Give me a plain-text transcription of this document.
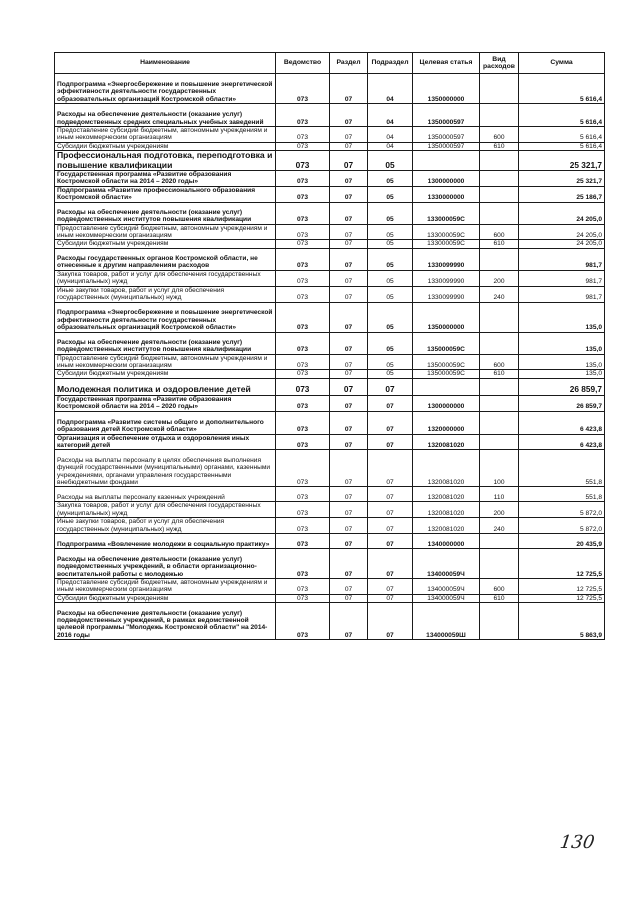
Наименование	Ведомство	Раздел	Подраздел	Целевая статья	Вид расходов	Сумма
Подпрограмма «Энергосбережение и повышение энергетической эффективности деятельности государственных образовательных организаций Костромской области»	073	07	04	1350000000		5 616,4
Расходы на обеспечение деятельности (оказание услуг) подведомственных средних специальных учебных заведений	073	07	04	1350000597		5 616,4
Предоставление субсидий бюджетным, автономным учреждениям и иным некоммерческим организациям	073	07	04	1350000597	600	5 616,4
Субсидии бюджетным учреждениям	073	07	04	1350000597	610	5 616,4
Профессиональная подготовка, переподготовка и повышение квалификации	073	07	05			25 321,7
Государственная программа «Развитие образования Костромской области на 2014 – 2020 годы»	073	07	05	1300000000		25 321,7
Подпрограмма «Развитие профессионального образования Костромской области»	073	07	05	1330000000		25 186,7
Расходы на обеспечение деятельности (оказание услуг) подведомственных институтов повышения квалификации	073	07	05	133000059C		24 205,0
Предоставление субсидий бюджетным, автономным учреждениям и иным некоммерческим организациям	073	07	05	133000059C	600	24 205,0
Субсидии бюджетным учреждениям	073	07	05	133000059C	610	24 205,0
Расходы государственных органов Костромской области, не отнесенные к другим направлениям расходов	073	07	05	1330099990		981,7
Закупка товаров, работ и услуг для обеспечения государственных (муниципальных) нужд	073	07	05	1330099990	200	981,7
Иные закупки товаров, работ и услуг для обеспечения государственных (муниципальных) нужд	073	07	05	1330099990	240	981,7
Подпрограмма «Энергосбережение и повышение энергетической эффективности деятельности государственных образовательных организаций Костромской области»	073	07	05	1350000000		135,0
Расходы на обеспечение деятельности (оказание услуг) подведомственных институтов повышения квалификации	073	07	05	135000059C		135,0
Предоставление субсидий бюджетным, автономным учреждениям и иным некоммерческим организациям	073	07	05	135000059C	600	135,0
Субсидии бюджетным учреждениям	073	07	05	135000059C	610	135,0
Молодежная политика и оздоровление детей	073	07	07			26 859,7
Государственная программа «Развитие образования Костромской области на 2014 – 2020 годы»	073	07	07	1300000000		26 859,7
Подпрограмма «Развитие системы общего и дополнительного образования детей Костромской области»	073	07	07	1320000000		6 423,8
Организация и обеспечение отдыха и оздоровления иных категорий детей	073	07	07	1320081020		6 423,8
Расходы на выплаты персоналу в целях обеспечения выполнения функций государственными (муниципальными) органами, казенными учреждениями, органами управления государственными внебюджетными фондами	073	07	07	1320081020	100	551,8
Расходы на выплаты персоналу казенных учреждений	073	07	07	1320081020	110	551,8
Закупка товаров, работ и услуг для обеспечения государственных (муниципальных) нужд	073	07	07	1320081020	200	5 872,0
Иные закупки товаров, работ и услуг для обеспечения государственных (муниципальных) нужд	073	07	07	1320081020	240	5 872,0
Подпрограмма «Вовлечение молодежи в социальную практику»	073	07	07	1340000000		20 435,9
Расходы на обеспечение деятельности (оказание услуг) подведомственных учреждений, в области организационно-воспитательной работы с молодежью	073	07	07	134000059Ч		12 725,5
Предоставление субсидий бюджетным, автономным учреждениям и иным некоммерческим организациям	073	07	07	134000059Ч	600	12 725,5
Субсидии бюджетным учреждениям	073	07	07	134000059Ч	610	12 725,5
Расходы на обеспечение деятельности (оказание услуг) подведомственных учреждений, в рамках ведомственной целевой программы "Молодежь Костромской области" на 2014-2016 годы	073	07	07	134000059Ш		5 863,9
130
